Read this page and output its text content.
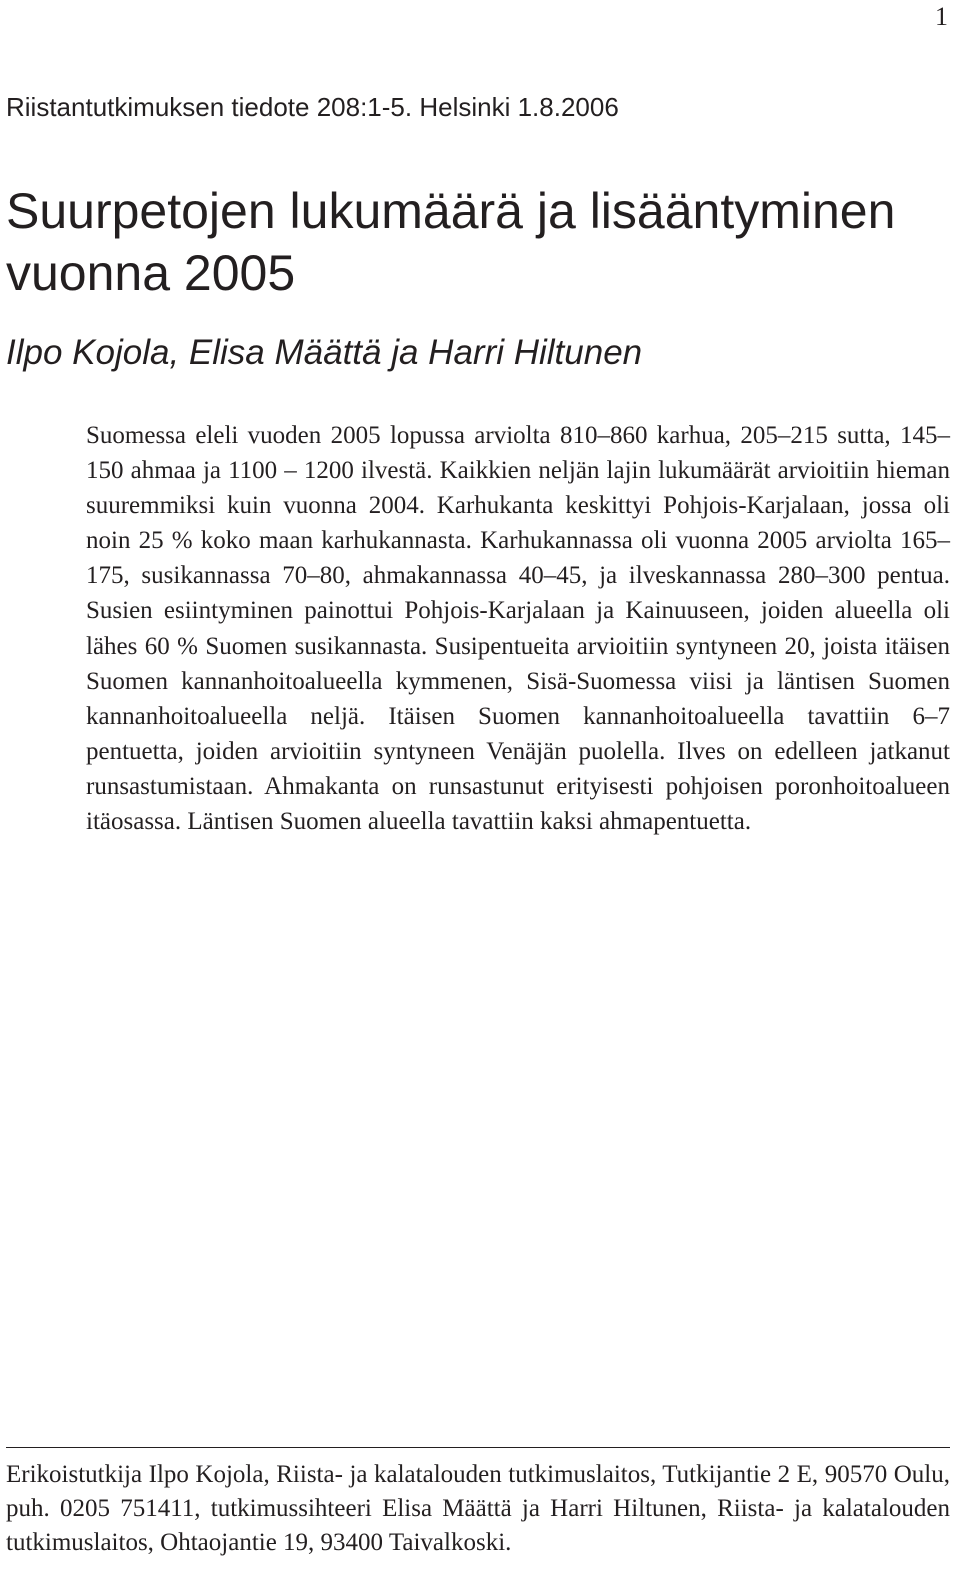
1
Riistantutkimuksen tiedote 208:1-5. Helsinki 1.8.2006
Suurpetojen lukumäärä ja lisääntyminen vuonna 2005
Ilpo Kojola, Elisa Määttä ja Harri Hiltunen

Suomessa eleli vuoden 2005 lopussa arviolta 810–860 karhua, 205–215 sutta, 145–150 ahmaa ja 1100 – 1200 ilvestä. Kaikkien neljän lajin lukumäärät arvioitiin hieman suuremmiksi kuin vuonna 2004. Karhukanta keskittyi Pohjois-Karjalaan, jossa oli noin 25 % koko maan karhukannasta. Karhukannassa oli vuonna 2005 arviolta 165–175, susikannassa 70–80, ahmakannassa 40–45, ja ilveskannassa 280–300 pentua. Susien esiintyminen painottui Pohjois-Karjalaan ja Kainuuseen, joiden alueella oli lähes 60 % Suomen susikannasta. Susipentueita arvioitiin syntyneen 20, joista itäisen Suomen kannanhoitoalueella kymmenen, Sisä-Suomessa viisi ja läntisen Suomen kannanhoitoalueella neljä. Itäisen Suomen kannanhoitoalueella tavattiin 6–7 pentuetta, joiden arvioitiin syntyneen Venäjän puolella. Ilves on edelleen jatkanut runsastumistaan. Ahmakanta on runsastunut erityisesti pohjoisen poronhoitoalueen itäosassa. Läntisen Suomen alueella tavattiin kaksi ahmapentuetta.

Erikoistutkija Ilpo Kojola, Riista- ja kalatalouden tutkimuslaitos, Tutkijantie 2 E, 90570 Oulu, puh. 0205 751411, tutkimussihteeri Elisa Määttä ja Harri Hiltunen, Riista- ja kalatalouden tutkimuslaitos, Ohtaojantie 19, 93400 Taivalkoski.
